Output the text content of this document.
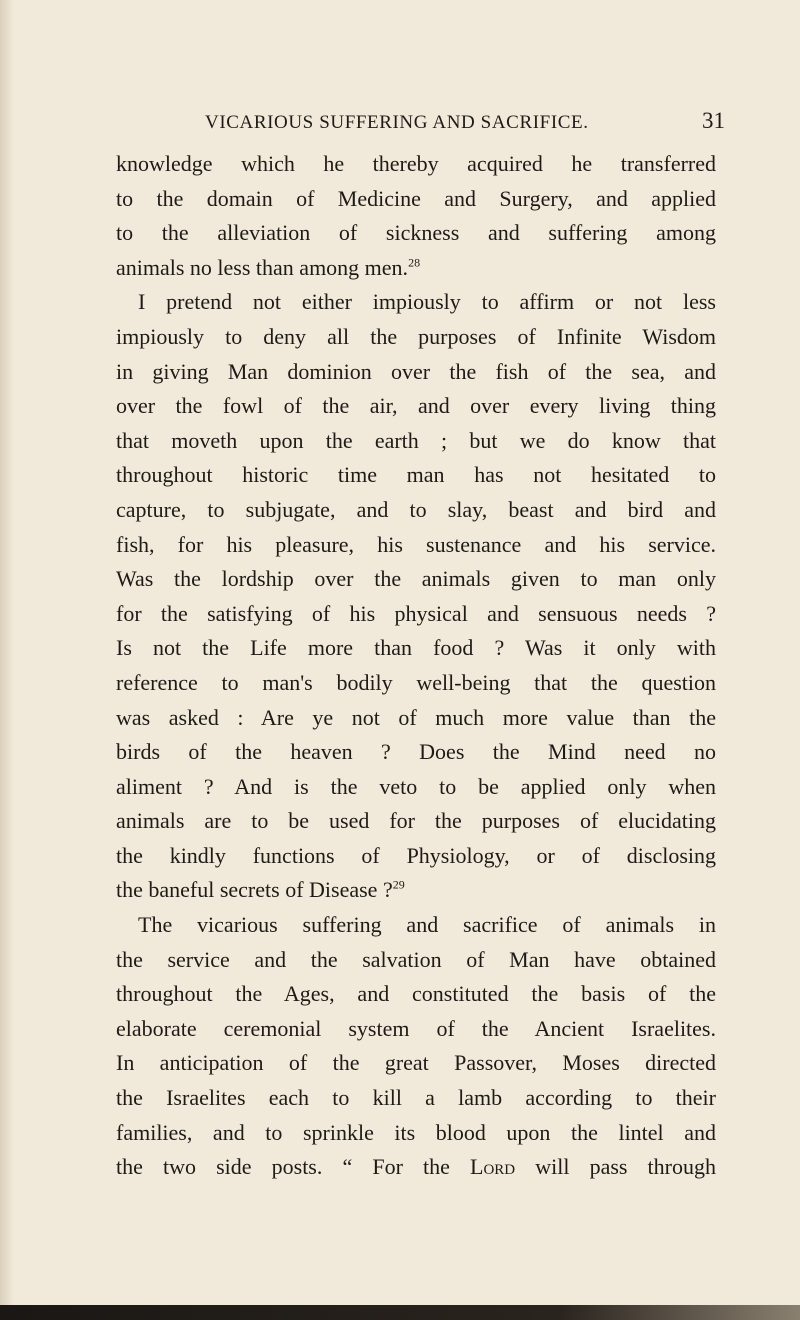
VICARIOUS SUFFERING AND SACRIFICE.	31
knowledge which he thereby acquired he transferred
to the domain of Medicine and Surgery, and applied
to the alleviation of sickness and suffering among
animals no less than among men.$^{28}$
I pretend not either impiously to affirm or not less
impiously to deny all the purposes of Infinite Wisdom
in giving Man dominion over the fish of the sea, and
over the fowl of the air, and over every living thing
that moveth upon the earth ; but we do know that
throughout historic time man has not hesitated to
capture, to subjugate, and to slay, beast and bird and
fish, for his pleasure, his sustenance and his service.
Was the lordship over the animals given to man only
for the satisfying of his physical and sensuous needs ?
Is not the Life more than food ? Was it only with
reference to man's bodily well-being that the question
was asked : Are ye not of much more value than the
birds of the heaven ? Does the Mind need no
aliment ? And is the veto to be applied only when
animals are to be used for the purposes of elucidating
the kindly functions of Physiology, or of disclosing
the baneful secrets of Disease ?$^{29}$
The vicarious suffering and sacrifice of animals in
the service and the salvation of Man have obtained
throughout the Ages, and constituted the basis of the
elaborate ceremonial system of the Ancient Israelites.
In anticipation of the great Passover, Moses directed
the Israelites each to kill a lamb according to their
families, and to sprinkle its blood upon the lintel and
the two side posts. “ For the Lord will pass through
